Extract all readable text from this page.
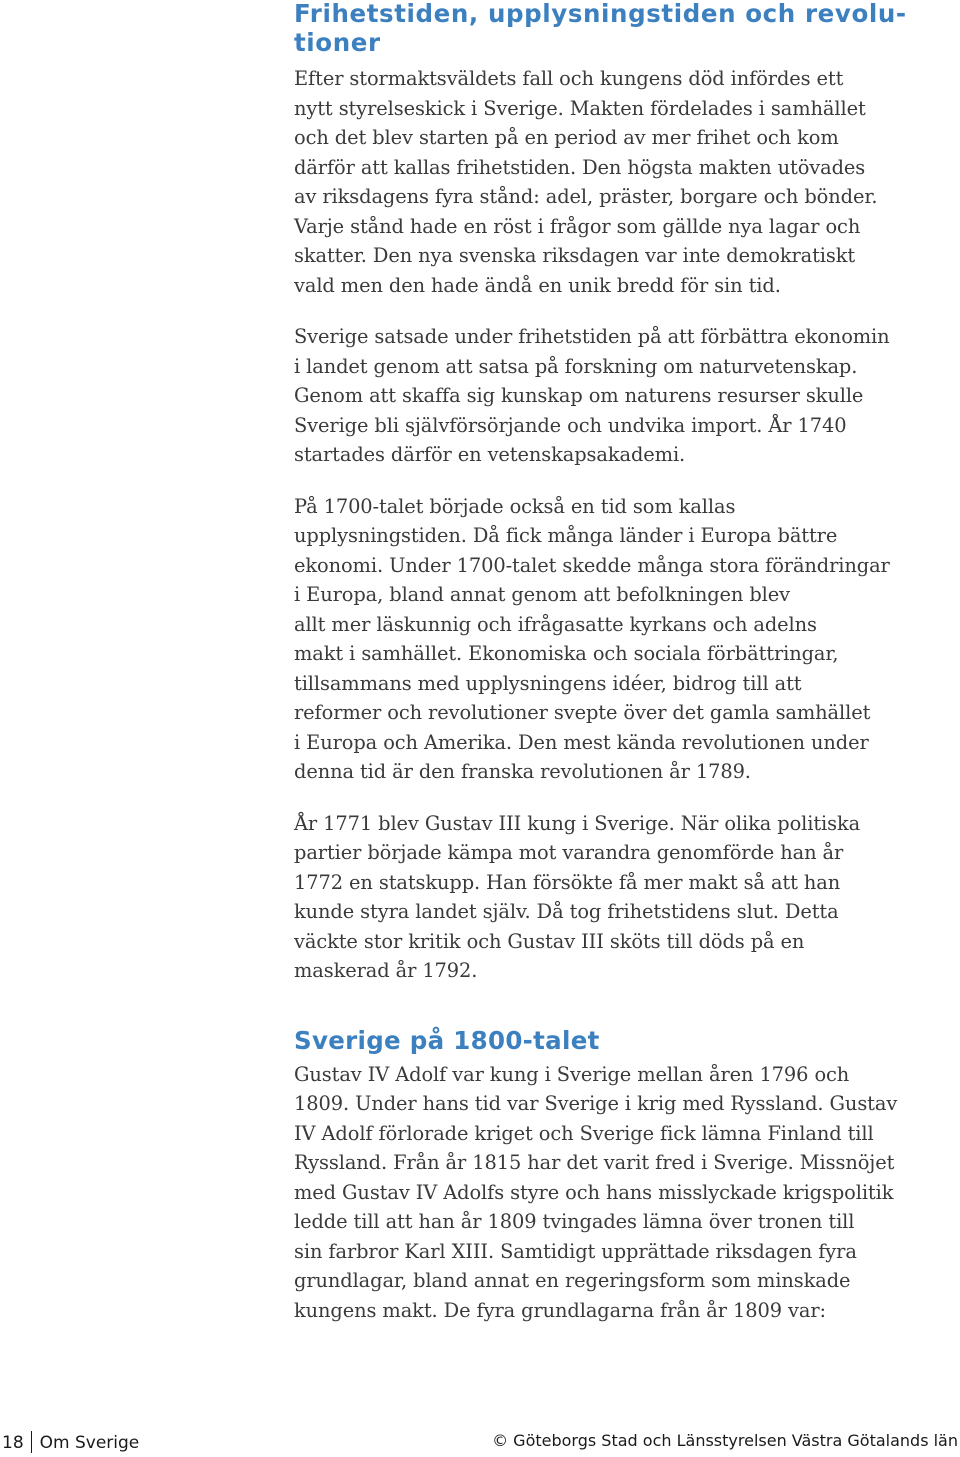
Frihetstiden, upplysningstiden och revolu-
tioner

Efter stormaktsväldets fall och kungens död infördes ett
nytt styrelseskick i Sverige. Makten fördelades i samhället
och det blev starten på en period av mer frihet och kom
därför att kallas frihetstiden. Den högsta makten utövades
av riksdagens fyra stånd: adel, präster, borgare och bönder.
Varje stånd hade en röst i frågor som gällde nya lagar och
skatter. Den nya svenska riksdagen var inte demokratiskt
vald men den hade ändå en unik bredd för sin tid.

Sverige satsade under frihetstiden på att förbättra ekonomin
i landet genom att satsa på forskning om naturvetenskap.
Genom att skaffa sig kunskap om naturens resurser skulle
Sverige bli självförsörjande och undvika import. År 1740
startades därför en vetenskapsakademi.

På 1700-talet började också en tid som kallas
upplysningstiden. Då fick många länder i Europa bättre
ekonomi. Under 1700-talet skedde många stora förändringar
i Europa, bland annat genom att befolkningen blev
allt mer läskunnig och ifrågasatte kyrkans och adelns
makt i samhället. Ekonomiska och sociala förbättringar,
tillsammans med upplysningens idéer, bidrog till att
reformer och revolutioner svepte över det gamla samhället
i Europa och Amerika. Den mest kända revolutionen under
denna tid är den franska revolutionen år 1789.

År 1771 blev Gustav III kung i Sverige. När olika politiska
partier började kämpa mot varandra genomförde han år
1772 en statskupp. Han försökte få mer makt så att han
kunde styra landet själv. Då tog frihetstidens slut. Detta
väckte stor kritik och Gustav III sköts till döds på en
maskerad år 1792.

Sverige på 1800-talet

Gustav IV Adolf var kung i Sverige mellan åren 1796 och
1809. Under hans tid var Sverige i krig med Ryssland. Gustav
IV Adolf förlorade kriget och Sverige fick lämna Finland till
Ryssland. Från år 1815 har det varit fred i Sverige. Missnöjet
med Gustav IV Adolfs styre och hans misslyckade krigspolitik
ledde till att han år 1809 tvingades lämna över tronen till
sin farbror Karl XIII. Samtidigt upprättade riksdagen fyra
grundlagar, bland annat en regeringsform som minskade
kungens makt. De fyra grundlagarna från år 1809 var:

18 Om Sverige	© Göteborgs Stad och Länsstyrelsen Västra Götalands län
